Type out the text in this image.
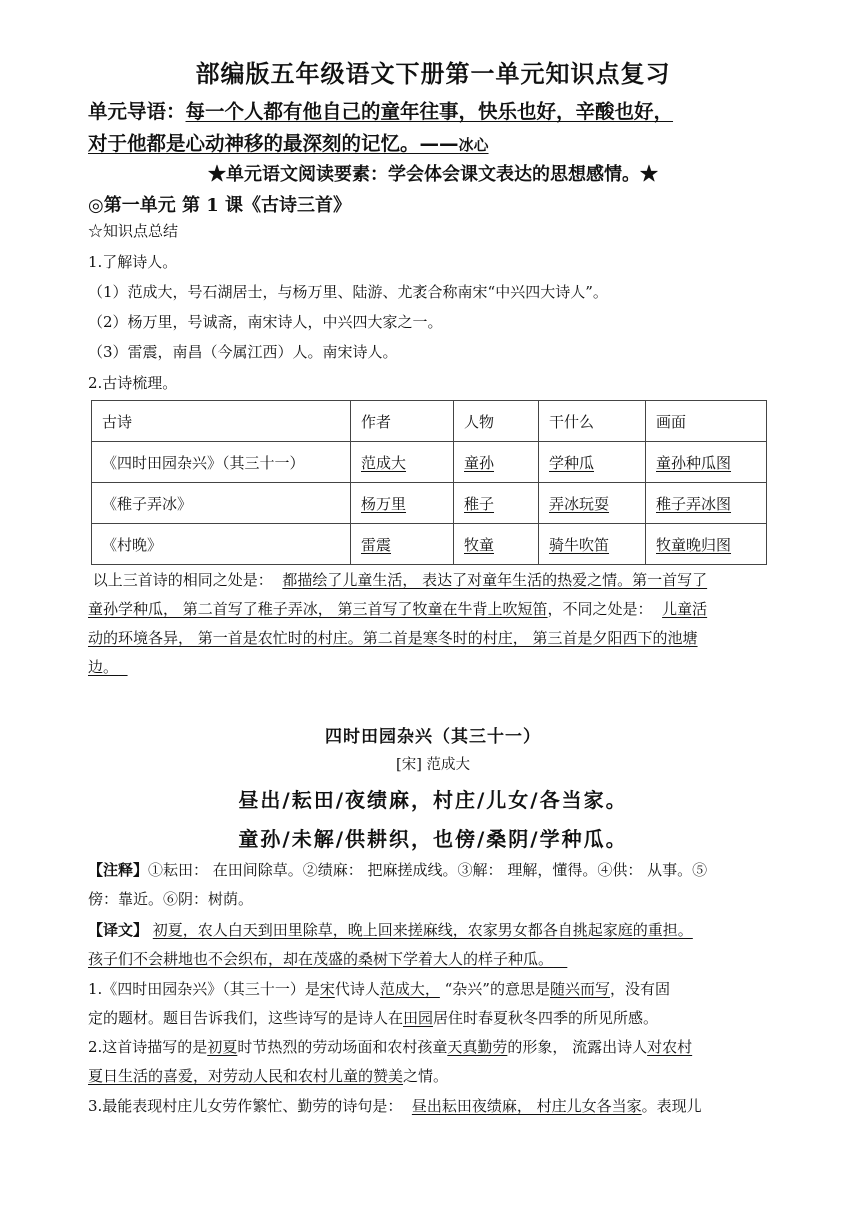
部编版五年级语文下册第一单元知识点复习
单元导语：每一个人都有他自己的童年往事，快乐也好，辛酸也好，
对于他都是心动神移的最深刻的记忆。——冰心
★单元语文阅读要素：学会体会课文表达的思想感情。★
◎第一单元 第 1 课《古诗三首》
☆知识点总结
1.了解诗人。
（1）范成大，号石湖居士，与杨万里、陆游、尤袤合称南宋“中兴四大诗人”。
（2）杨万里，号诚斋，南宋诗人，中兴四大家之一。
（3）雷震，南昌（今属江西）人。南宋诗人。
2.古诗梳理。
古诗	作者	人物	干什么	画面
《四时田园杂兴》（其三十一）	范成大	童孙	学种瓜	童孙种瓜图
《稚子弄冰》	杨万里	稚子	弄冰玩耍	稚子弄冰图
《村晚》	雷震	牧童	骑牛吹笛	牧童晚归图
以上三首诗的相同之处是： 都描绘了儿童生活， 表达了对童年生活的热爱之情。第一首写了
童孙学种瓜， 第二首写了稚子弄冰， 第三首写了牧童在牛背上吹短笛，不同之处是： 儿童活
动的环境各异， 第一首是农忙时的村庄。第二首是寒冬时的村庄， 第三首是夕阳西下的池塘
边。
四时田园杂兴（其三十一）
[宋] 范成大
昼出/耘田/夜绩麻，村庄/儿女/各当家。
童孙/未解/供耕织，也傍/桑阴/学种瓜。
【注释】①耘田： 在田间除草。②绩麻： 把麻搓成线。③解： 理解，懂得。④供： 从事。⑤
傍：靠近。⑥阴：树荫。
【译文】 初夏，农人白天到田里除草，晚上回来搓麻线，农家男女都各自挑起家庭的重担。
孩子们不会耕地也不会织布，却在茂盛的桑树下学着大人的样子种瓜。
1.《四时田园杂兴》（其三十一）是宋代诗人范成大， “杂兴”的意思是随兴而写，没有固
定的题材。题目告诉我们，这些诗写的是诗人在田园居住时春夏秋冬四季的所见所感。
2.这首诗描写的是初夏时节热烈的劳动场面和农村孩童天真勤劳的形象， 流露出诗人对农村
夏日生活的喜爱，对劳动人民和农村儿童的赞美之情。
3.最能表现村庄儿女劳作繁忙、勤劳的诗句是： 昼出耘田夜绩麻， 村庄儿女各当家。表现儿
